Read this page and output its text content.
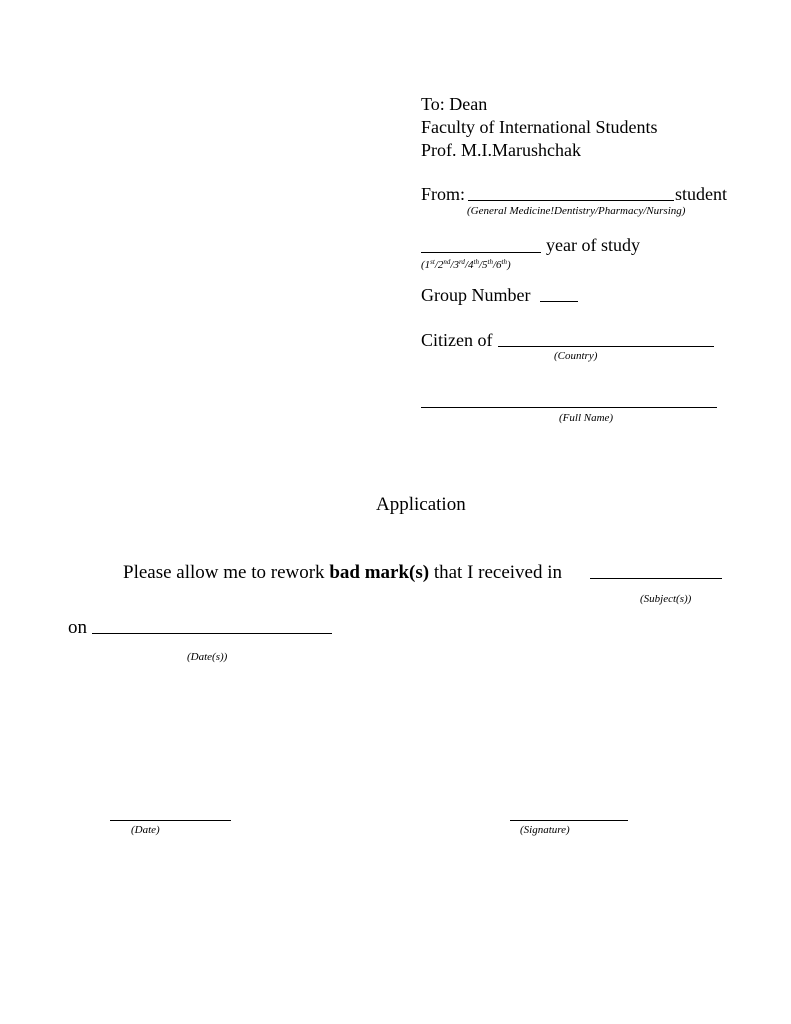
To: Dean
Faculty of International Students
Prof. M.I.Marushchak
From:	student
(General Medicine!Dentistry/Pharmacy/Nursing)
year of study
(1st/2nd/3rd/4th/5th/6th)
Group Number
Citizen of
(Country)
(Full Name)
Application
Please allow me to rework bad mark(s) that I received in
(Subject(s))
on
(Date(s))
(Date)	(Signature)
